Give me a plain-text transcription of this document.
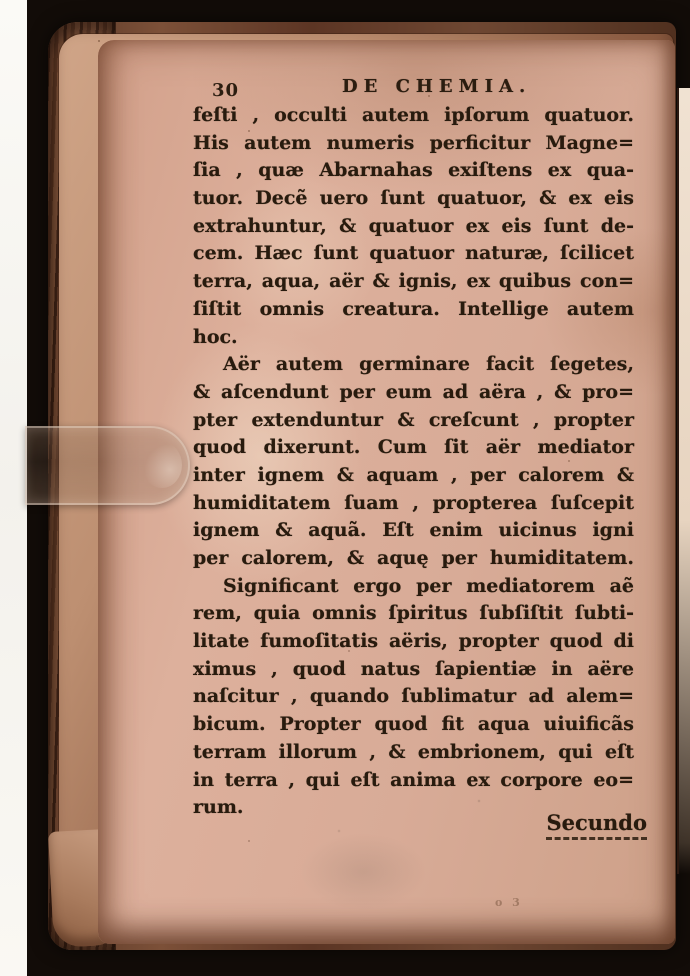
30	DE CHEMIA.
feſti , occulti autem ipſorum quatuor.
His autem numeris perficitur Magne=
ſia , quæ Abarnahas exiſtens ex qua-
tuor. Decẽ uero ſunt quatuor, & ex eis
extrahuntur, & quatuor ex eis ſunt de-
cem. Hæc ſunt quatuor naturæ, ſcilicet
terra, aqua, aër & ignis, ex quibus con=
ſiſtit omnis creatura. Intellige autem
hoc.
Aër autem germinare facit ſegetes,
& aſcendunt per eum ad aëra , & pro=
pter extenduntur & creſcunt , propter
quod dixerunt. Cum ſit aër mediator
inter ignem & aquam , per calorem &
humiditatem ſuam , propterea ſuſcepit
ignem & aquã. Eſt enim uicinus igni
per calorem, & aquę per humiditatem.
Significant ergo per mediatorem aẽ
rem, quia omnis ſpiritus ſubſiſtit ſubti-
litate fumoſitatis aëris, propter quod di
ximus , quod natus ſapientiæ in aëre
naſcitur , quando ſublimatur ad alem=
bicum. Propter quod fit aqua uiuificãs
terram illorum , & embrionem, qui eſt
in terra , qui eſt anima ex corpore eo=
rum.
Secundo
o 3
